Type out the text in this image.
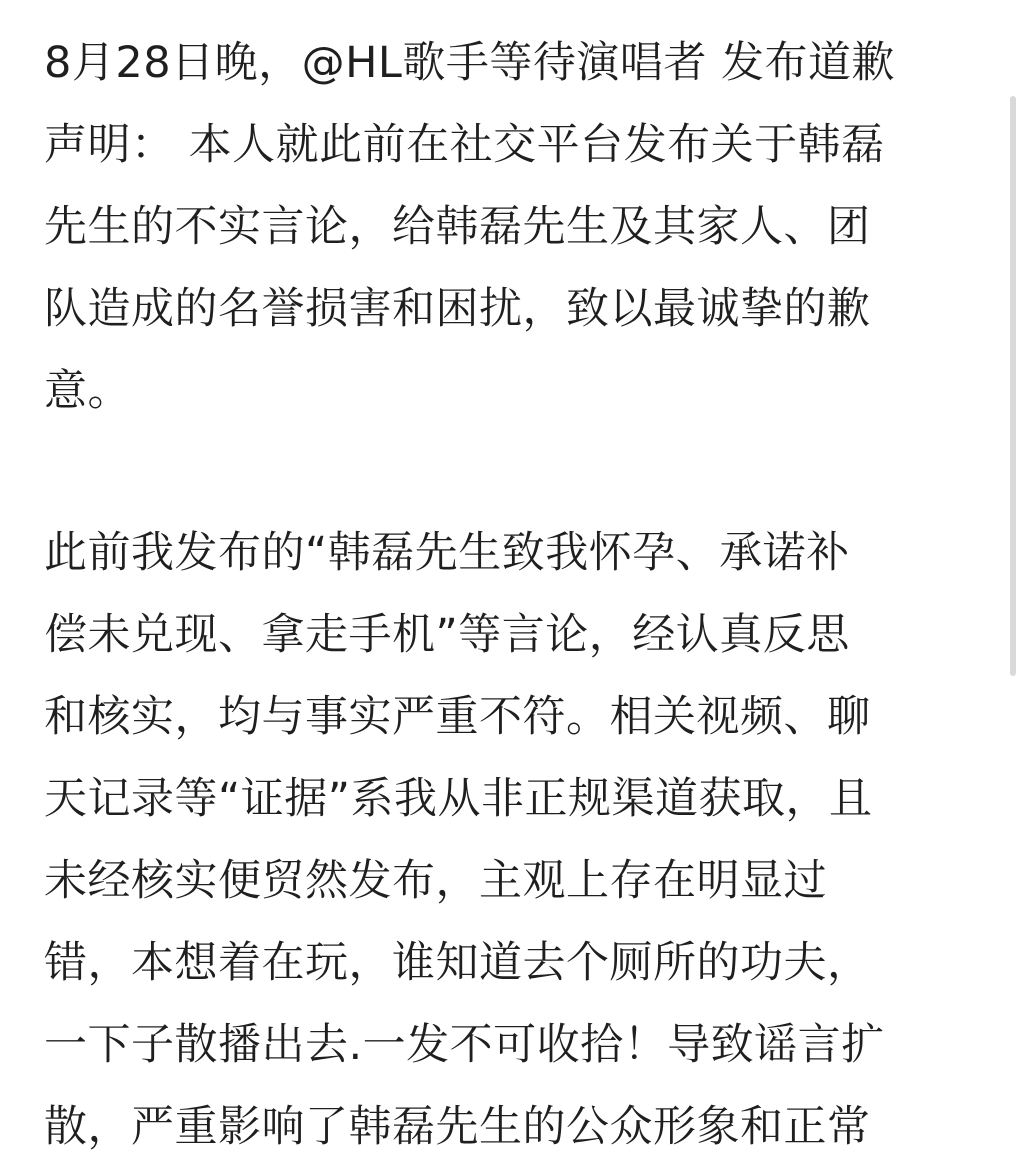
8月28日晚，@HL歌手等待演唱者 发布道歉
声明： 本人就此前在社交平台发布关于韩磊
先生的不实言论，给韩磊先生及其家人、团
队造成的名誉损害和困扰，致以最诚挚的歉
意。
此前我发布的“韩磊先生致我怀孕、承诺补
偿未兑现、拿走手机”等言论，经认真反思
和核实，均与事实严重不符。相关视频、聊
天记录等“证据”系我从非正规渠道获取，且
未经核实便贸然发布，主观上存在明显过
错，本想着在玩，谁知道去个厕所的功夫，
一下子散播出去.一发不可收拾！导致谣言扩
散，严重影响了韩磊先生的公众形象和正常
